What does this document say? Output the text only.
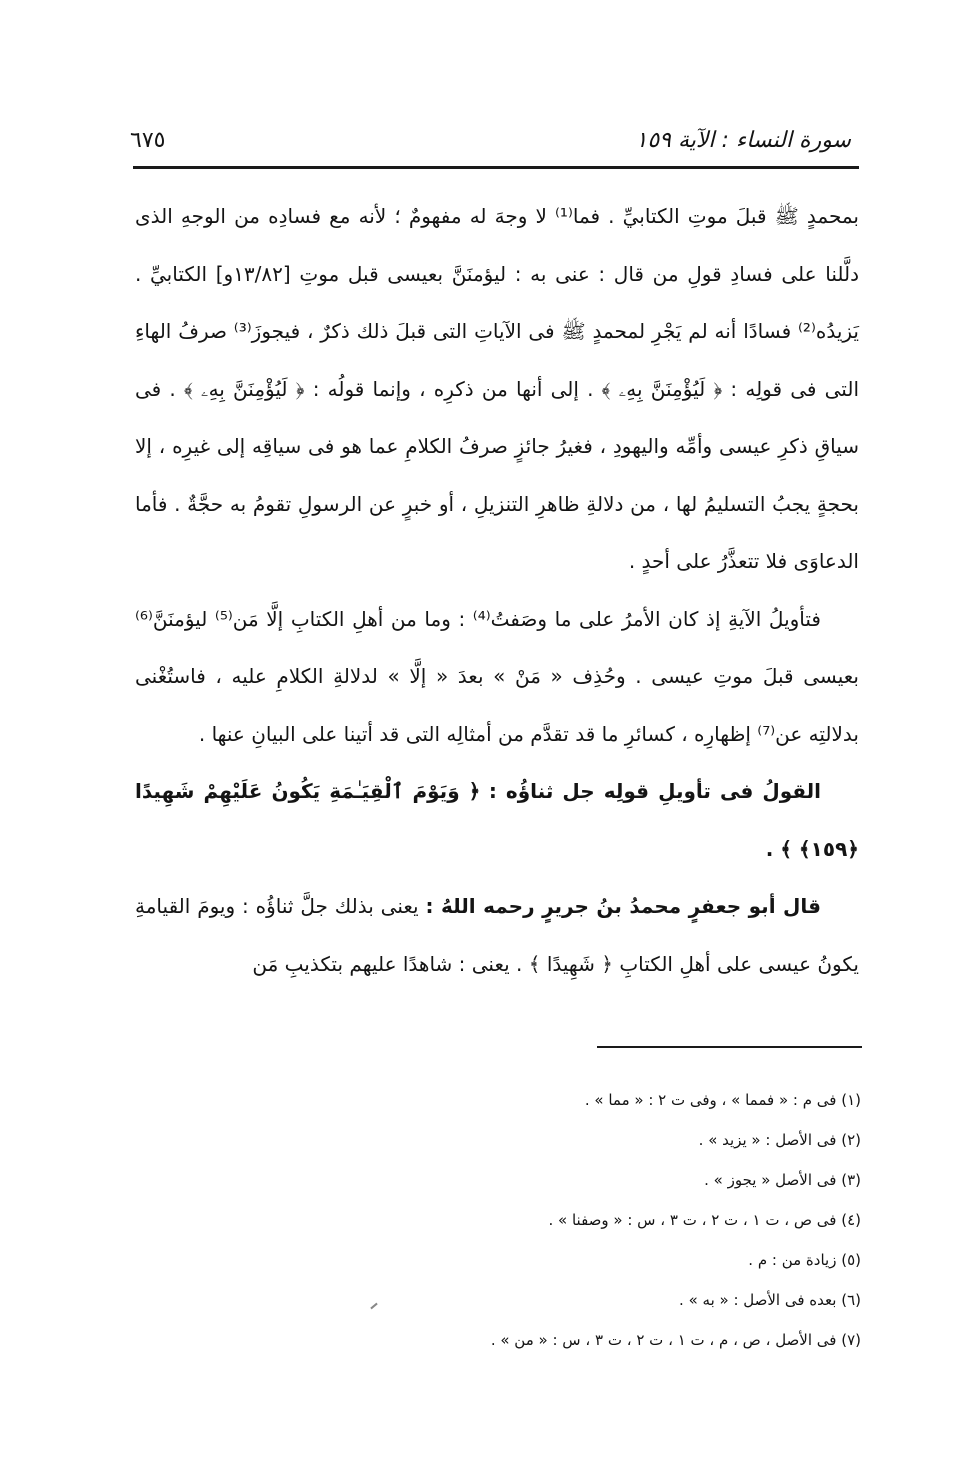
سورة النساء : الآية ١٥٩
٦٧٥

بمحمدٍ ﷺ قبلَ موتِ الكتابيِّ . فما⁽¹⁾ لا وجهَ له مفهومٌ ؛ لأنه مع فسادِه من الوجهِ الذى دلَّلنا على فسادِ قولِ من قال : عنى به : ليؤمنَنَّ بعيسى قبل موتِ [١٣/٨٢و] الكتابيِّ . يَزيدُه⁽²⁾ فسادًا أنه لم يَجْرِ لمحمدٍ ﷺ فى الآياتِ التى قبلَ ذلك ذكرٌ ، فيجوزَ⁽³⁾ صرفُ الهاءِ التى فى قولِه : ﴿ لَيُؤْمِنَنَّ بِهِۦ ﴾ . إلى أنها من ذكرِه ، وإنما قولُه : ﴿ لَيُؤْمِنَنَّ بِهِۦ ﴾ . فى سياقِ ذكرِ عيسى وأمِّه واليهودِ ، فغيرُ جائزٍ صرفُ الكلامِ عما هو فى سياقِه إلى غيرِه ، إلا بحجةٍ يجبُ التسليمُ لها ، من دلالةِ ظاهرِ التنزيلِ ، أو خبرٍ عن الرسولِ تقومُ به حجَّةٌ . فأما الدعاوَى فلا تتعذَّرُ على أحدٍ .

فتأويلُ الآيةِ إذ كان الأمرُ على ما وصَفتُ⁽⁴⁾ : وما من أهلِ الكتابِ إلَّا مَن⁽⁵⁾ ليؤمنَنَّ⁽⁶⁾ بعيسى قبلَ موتِ عيسى . وحُذِف « مَنْ » بعدَ « إلَّا » لدلالةِ الكلامِ عليه ، فاستُغْنى بدلالتِه عن⁽⁷⁾ إظهارِه ، كسائرِ ما قد تقدَّم من أمثالِه التى قد أتينا على البيانِ عنها .

القولُ فى تأويلِ قولِه جل ثناؤُه : ﴿ وَيَوْمَ ٱلْقِيَـٰمَةِ يَكُونُ عَلَيْهِمْ شَهِيدًا ﴿١٥٩﴾ ﴾ .

قال أبو جعفرٍ محمدُ بنُ جريرٍ رحمه اللهُ : يعنى بذلك جلَّ ثناؤُه : ويومَ القيامةِ يكونُ عيسى على أهلِ الكتابِ ﴿ شَهِيدًا ﴾ . يعنى : شاهدًا عليهم بتكذيبِ مَن

(١) فى م : « فمما » ، وفى ت ٢ : « مما » .

(٢) فى الأصل : « يزيد » .

(٣) فى الأصل « يجوز » .

(٤) فى ص ، ت ١ ، ت ٢ ، ت ٣ ، س : « وصفنا » .

(٥) زيادة من : م .

(٦) بعده فى الأصل : « به » .

(٧) فى الأصل ، ص ، م ، ت ١ ، ت ٢ ، ت ٣ ، س : « من » .
